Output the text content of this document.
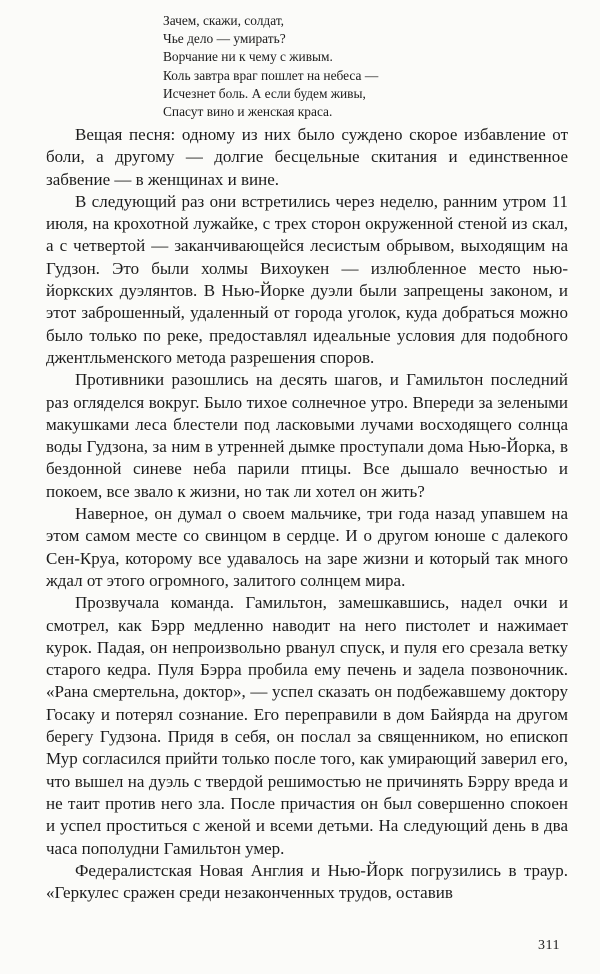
Зачем, скажи, солдат,
Чье дело — умирать?
Ворчание ни к чему с живым.
Коль завтра враг пошлет на небеса —
Исчезнет боль. А если будем живы,
Спасут вино и женская краса.

Вещая песня: одному из них было суждено скорое избавление от боли, а другому — долгие бесцельные скитания и единственное забвение — в женщинах и вине.

В следующий раз они встретились через неделю, ранним утром 11 июля, на крохотной лужайке, с трех сторон окруженной стеной из скал, а с четвертой — заканчивающейся лесистым обрывом, выходящим на Гудзон. Это были холмы Вихоукен — излюбленное место нью-йоркских дуэлянтов. В Нью-Йорке дуэли были запрещены законом, и этот заброшенный, удаленный от города уголок, куда добраться можно было только по реке, предоставлял идеальные условия для подобного джентльменского метода разрешения споров.

Противники разошлись на десять шагов, и Гамильтон последний раз огляделся вокруг. Было тихое солнечное утро. Впереди за зелеными макушками леса блестели под ласковыми лучами восходящего солнца воды Гудзона, за ним в утренней дымке проступали дома Нью-Йорка, в бездонной синеве неба парили птицы. Все дышало вечностью и покоем, все звало к жизни, но так ли хотел он жить?

Наверное, он думал о своем мальчике, три года назад упавшем на этом самом месте со свинцом в сердце. И о другом юноше с далекого Сен-Круа, которому все удавалось на заре жизни и который так много ждал от этого огромного, залитого солнцем мира.

Прозвучала команда. Гамильтон, замешкавшись, надел очки и смотрел, как Бэрр медленно наводит на него пистолет и нажимает курок. Падая, он непроизвольно рванул спуск, и пуля его срезала ветку старого кедра. Пуля Бэрра пробила ему печень и задела позвоночник. «Рана смертельна, доктор», — успел сказать он подбежавшему доктору Госаку и потерял сознание. Его переправили в дом Байярда на другом берегу Гудзона. Придя в себя, он послал за священником, но епископ Мур согласился прийти только после того, как умирающий заверил его, что вышел на дуэль с твердой решимостью не причинять Бэрру вреда и не таит против него зла. После причастия он был совершенно спокоен и успел проститься с женой и всеми детьми. На следующий день в два часа пополудни Гамильтон умер.

Федералистская Новая Англия и Нью-Йорк погрузились в траур. «Геркулес сражен среди незаконченных трудов, оставив

311
